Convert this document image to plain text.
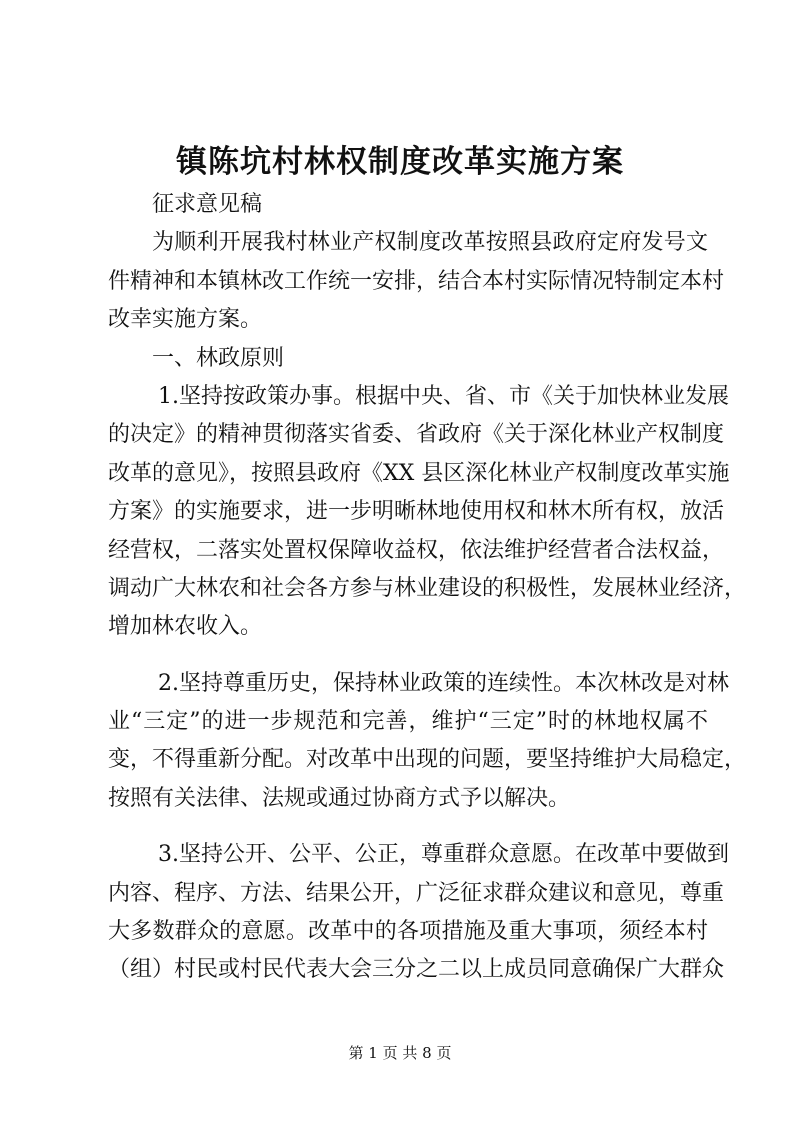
镇陈坑村林权制度改革实施方案
征求意见稿
为顺利开展我村林业产权制度改革按照县政府定府发号文
件精神和本镇林改工作统一安排，结合本村实际情况特制定本村
改幸实施方案。
一、林政原则
1.坚持按政策办事。根据中央、省、市《关于加快林业发展
的决定》的精神贯彻落实省委、省政府《关于深化林业产权制度
改革的意见》，按照县政府《XX 县区深化林业产权制度改革实施
方案》的实施要求，进一步明晰林地使用权和林木所有权，放活
经营权，二落实处置权保障收益权，依法维护经营者合法权益，
调动广大林农和社会各方参与林业建设的积极性，发展林业经济，
增加林农收入。
2.坚持尊重历史，保持林业政策的连续性。本次林改是对林
业“三定”的进一步规范和完善，维护“三定”时的林地权属不
变，不得重新分配。对改革中出现的问题，要坚持维护大局稳定，
按照有关法律、法规或通过协商方式予以解决。
3.坚持公开、公平、公正，尊重群众意愿。在改革中要做到
内容、程序、方法、结果公开，广泛征求群众建议和意见，尊重
大多数群众的意愿。改革中的各项措施及重大事项，须经本村
（组）村民或村民代表大会三分之二以上成员同意确保广大群众
第 1 页 共 8 页
